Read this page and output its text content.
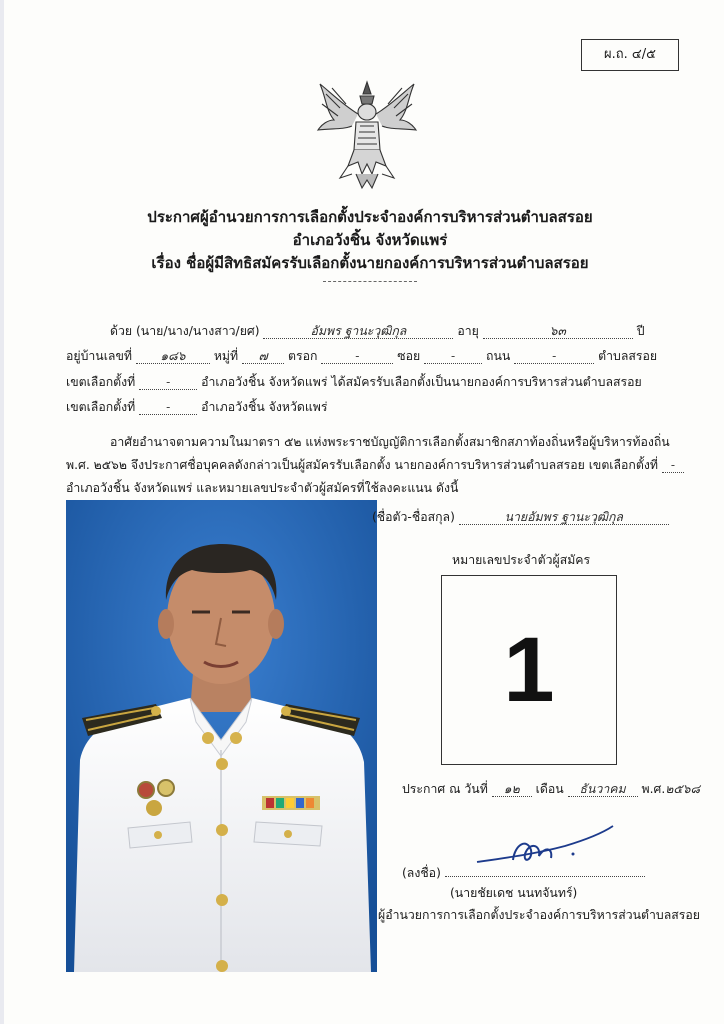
ผ.ถ. ๔/๕
ประกาศผู้อำนวยการการเลือกตั้งประจำองค์การบริหารส่วนตำบลสรอย
อำเภอวังชิ้น จังหวัดแพร่
เรื่อง ชื่อผู้มีสิทธิสมัครรับเลือกตั้งนายกองค์การบริหารส่วนตำบลสรอย
ด้วย (นาย/นาง/นางสาว/ยศ)	อัมพร ฐานะวุฒิกุล	อายุ	๖๓	ปี
อยู่บ้านเลขที่ ๑๘๖ หมู่ที่ ๗ ตรอก	-	ซอย	-	ถนน	-	ตำบลสรอย
เขตเลือกตั้งที่	-	อำเภอวังชิ้น จังหวัดแพร่ ได้สมัครรับเลือกตั้งเป็นนายกองค์การบริหารส่วนตำบลสรอย
เขตเลือกตั้งที่	-	อำเภอวังชิ้น จังหวัดแพร่
อาศัยอำนาจตามความในมาตรา ๕๒ แห่งพระราชบัญญัติการเลือกตั้งสมาชิกสภาท้องถิ่นหรือผู้บริหารท้องถิ่น
พ.ศ. ๒๕๖๒ จึงประกาศชื่อบุคคลดังกล่าวเป็นผู้สมัครรับเลือกตั้ง นายกองค์การบริหารส่วนตำบลสรอย เขตเลือกตั้งที่ -
อำเภอวังชิ้น จังหวัดแพร่ และหมายเลขประจำตัวผู้สมัครที่ใช้ลงคะแนน ดังนี้
(ชื่อตัว-ชื่อสกุล)	นายอัมพร ฐานะวุฒิกุล
หมายเลขประจำตัวผู้สมัคร
1
ประกาศ ณ วันที่ ๑๒ เดือน ธันวาคม พ.ศ.๒๕๖๘
(ลงชื่อ)
(นายชัยเดช นนทจันทร์)
ผู้อำนวยการการเลือกตั้งประจำองค์การบริหารส่วนตำบลสรอย
